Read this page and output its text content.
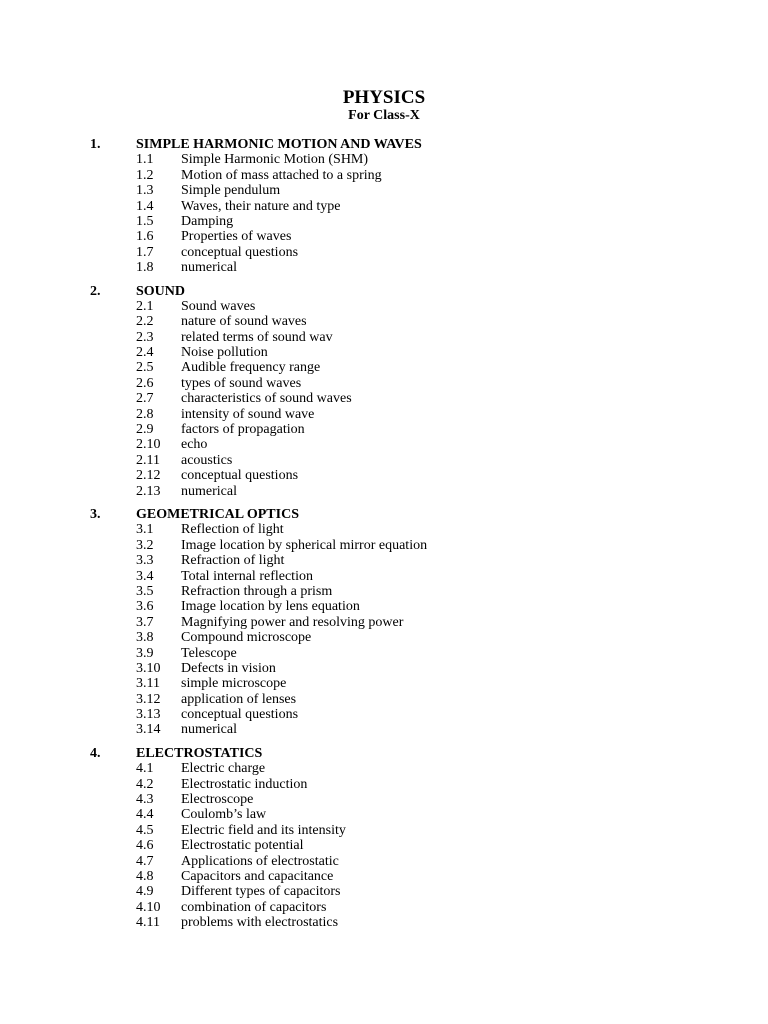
PHYSICS
For Class-X
1.	SIMPLE HARMONIC MOTION AND WAVES
1.1 Simple Harmonic Motion (SHM)
1.2 Motion of mass attached to a spring
1.3 Simple pendulum
1.4 Waves, their nature and type
1.5 Damping
1.6 Properties of waves
1.7 conceptual questions
1.8 numerical
2.	SOUND
2.1 Sound waves
2.2 nature of sound waves
2.3 related terms of sound wav
2.4 Noise pollution
2.5 Audible frequency range
2.6 types of sound waves
2.7 characteristics of sound waves
2.8 intensity of sound wave
2.9 factors of propagation
2.10 echo
2.11 acoustics
2.12 conceptual questions
2.13 numerical
3.	GEOMETRICAL OPTICS
3.1 Reflection of light
3.2 Image location by spherical mirror equation
3.3 Refraction of light
3.4 Total internal reflection
3.5 Refraction through a prism
3.6 Image location by lens equation
3.7 Magnifying power and resolving power
3.8 Compound microscope
3.9 Telescope
3.10 Defects in vision
3.11 simple microscope
3.12 application of lenses
3.13 conceptual questions
3.14 numerical
4.	ELECTROSTATICS
4.1 Electric charge
4.2 Electrostatic induction
4.3 Electroscope
4.4 Coulomb’s law
4.5 Electric field and its intensity
4.6 Electrostatic potential
4.7 Applications of electrostatic
4.8 Capacitors and capacitance
4.9 Different types of capacitors
4.10 combination of capacitors
4.11 problems with electrostatics
